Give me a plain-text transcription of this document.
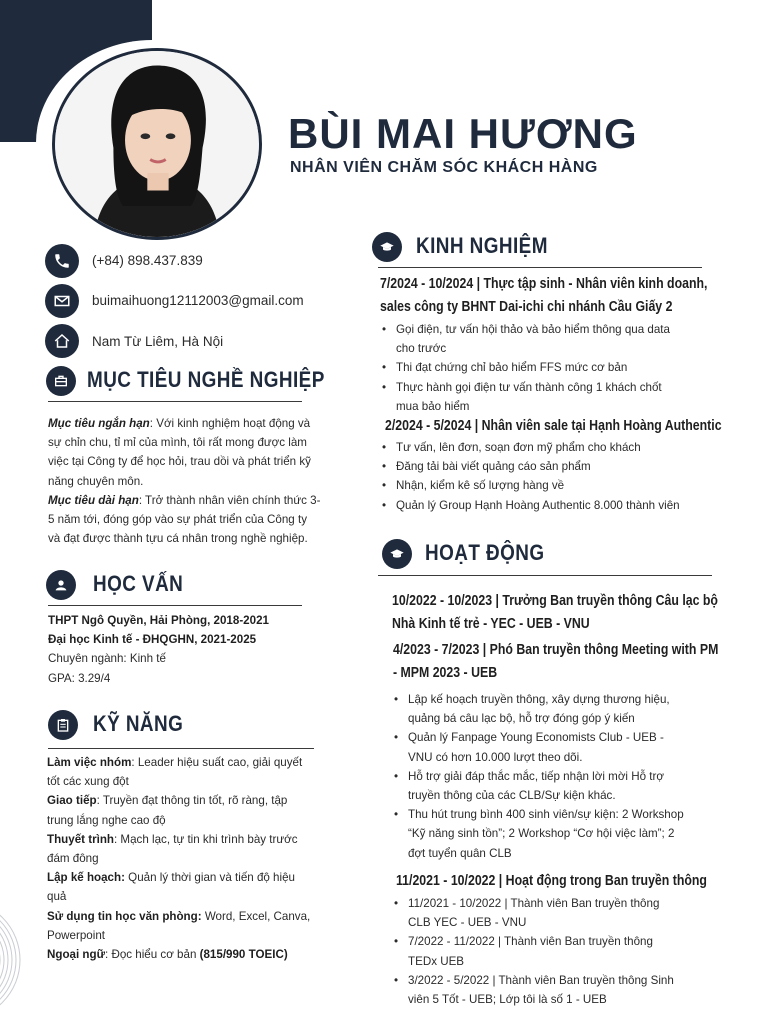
BÙI MAI HƯƠNG
NHÂN VIÊN CHĂM SÓC KHÁCH HÀNG
(+84) 898.437.839
buimaihuong12112003@gmail.com
Nam Từ Liêm, Hà Nội
MỤC TIÊU NGHỀ NGHIỆP
Mục tiêu ngắn hạn: Với kinh nghiệm hoạt động và
sự chỉn chu, tỉ mỉ của mình, tôi rất mong được làm
việc tại Công ty để học hỏi, trau dồi và phát triển kỹ
năng chuyên môn.
Mục tiêu dài hạn: Trở thành nhân viên chính thức 3-
5 năm tới, đóng góp vào sự phát triển của Công ty
và đạt được thành tựu cá nhân trong nghề nghiệp.
HỌC VẤN
THPT Ngô Quyền, Hải Phòng, 2018-2021
Đại học Kinh tế - ĐHQGHN, 2021-2025
Chuyên ngành: Kinh tế
GPA: 3.29/4
KỸ NĂNG
Làm việc nhóm: Leader hiệu suất cao, giải quyết
tốt các xung đột
Giao tiếp: Truyền đạt thông tin tốt, rõ ràng, tập
trung lắng nghe cao độ
Thuyết trình: Mạch lạc, tự tin khi trình bày trước
đám đông
Lập kế hoạch: Quản lý thời gian và tiến độ hiệu
quả
Sử dụng tin học văn phòng: Word, Excel, Canva,
Powerpoint
Ngoại ngữ: Đọc hiểu cơ bản (815/990 TOEIC)
KINH NGHIỆM
7/2024 - 10/2024 | Thực tập sinh - Nhân viên kinh doanh,
sales công ty BHNT Dai-ichi chi nhánh Cầu Giấy 2
• Gọi điện, tư vấn hội thảo và bảo hiểm thông qua data
cho trước
• Thi đạt chứng chỉ bảo hiểm FFS mức cơ bản
• Thực hành gọi điện tư vấn thành công 1 khách chốt
mua bảo hiểm
2/2024 - 5/2024 | Nhân viên sale tại Hạnh Hoàng Authentic
• Tư vấn, lên đơn, soạn đơn mỹ phẩm cho khách
• Đăng tải bài viết quảng cáo sản phẩm
• Nhận, kiểm kê số lượng hàng về
• Quản lý Group Hạnh Hoàng Authentic 8.000 thành viên
HOẠT ĐỘNG
10/2022 - 10/2023 | Trưởng Ban truyền thông Câu lạc bộ
Nhà Kinh tế trẻ - YEC - UEB - VNU
4/2023 - 7/2023 | Phó Ban truyền thông Meeting with PM
- MPM 2023 - UEB
• Lập kế hoạch truyền thông, xây dựng thương hiệu,
quảng bá câu lạc bộ, hỗ trợ đóng góp ý kiến
• Quản lý Fanpage Young Economists Club - UEB -
VNU có hơn 10.000 lượt theo dõi.
• Hỗ trợ giải đáp thắc mắc, tiếp nhận lời mời Hỗ trợ
truyền thông của các CLB/Sự kiện khác.
• Thu hút trung bình 400 sinh viên/sự kiện: 2 Workshop
“Kỹ năng sinh tồn”; 2 Workshop “Cơ hội việc làm”; 2
đợt tuyển quân CLB
11/2021 - 10/2022 | Hoạt động trong Ban truyền thông
• 11/2021 - 10/2022 | Thành viên Ban truyền thông
CLB YEC - UEB - VNU
• 7/2022 - 11/2022 | Thành viên Ban truyền thông
TEDx UEB
• 3/2022 - 5/2022 | Thành viên Ban truyền thông Sinh
viên 5 Tốt - UEB; Lớp tôi là số 1 - UEB
